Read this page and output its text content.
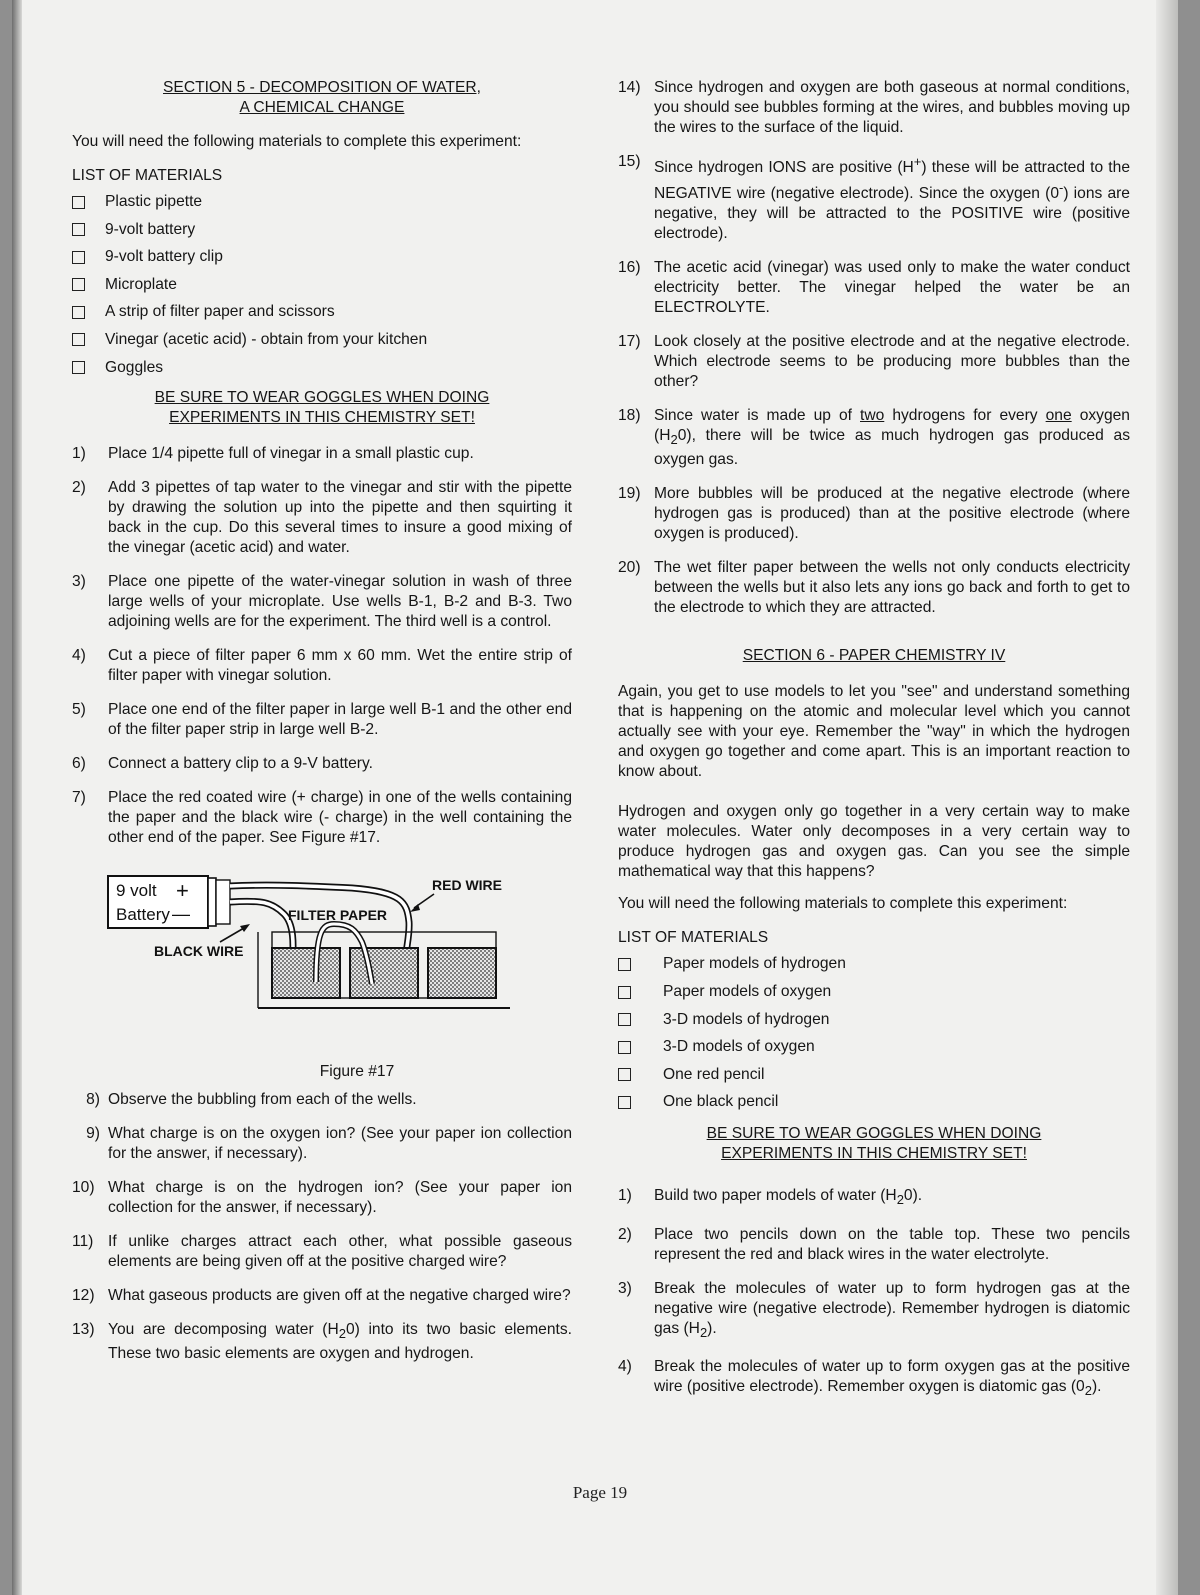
SECTION 5 - DECOMPOSITION OF WATER,
A CHEMICAL CHANGE
You will need the following materials to complete this experiment:
LIST OF MATERIALS
Plastic pipette
9-volt battery
9-volt battery clip
Microplate
A strip of filter paper and scissors
Vinegar (acetic acid) - obtain from your kitchen
Goggles
BE SURE TO WEAR GOGGLES WHEN DOING
EXPERIMENTS IN THIS CHEMISTRY SET!
1)	Place 1/4 pipette full of vinegar in a small plastic cup.
2)	Add 3 pipettes of tap water to the vinegar and stir with the pipette by drawing the solution up into the pipette and then squirting it back in the cup. Do this several times to insure a good mixing of the vinegar (acetic acid) and water.
3)	Place one pipette of the water-vinegar solution in wash of three large wells of your microplate. Use wells B-1, B-2 and B-3. Two adjoining wells are for the experiment. The third well is a control.
4)	Cut a piece of filter paper 6 mm x 60 mm. Wet the entire strip of filter paper with vinegar solution.
5)	Place one end of the filter paper in large well B-1 and the other end of the filter paper strip in large well B-2.
6)	Connect a battery clip to a 9-V battery.
7)	Place the red coated wire (+ charge) in one of the wells containing the paper and the black wire (- charge) in the well containing the other end of the paper. See Figure #17.
9 volt
Battery
+
—
RED WIRE
FILTER PAPER
BLACK WIRE
Figure #17
8) Observe the bubbling from each of the wells.
9) What charge is on the oxygen ion? (See your paper ion collection for the answer, if necessary).
10) What charge is on the hydrogen ion? (See your paper ion collection for the answer, if necessary).
11) If unlike charges attract each other, what possible gaseous elements are being given off at the positive charged wire?
12) What gaseous products are given off at the negative charged wire?
13) You are decomposing water $(H_20)$ into its two basic elements. These two basic elements are oxygen and hydrogen.
14) Since hydrogen and oxygen are both gaseous at normal conditions, you should see bubbles forming at the wires, and bubbles moving up the wires to the surface of the liquid.
15) Since hydrogen IONS are positive (H+) these will be attracted to the NEGATIVE wire (negative electrode). Since the oxygen (0-) ions are negative, they will be attracted to the POSITIVE wire (positive electrode).
16) The acetic acid (vinegar) was used only to make the water conduct electricity better. The vinegar helped the water be an ELECTROLYTE.
17) Look closely at the positive electrode and at the negative electrode. Which electrode seems to be producing more bubbles than the other?
18) Since water is made up of two hydrogens for every one oxygen $(H_20)$, there will be twice as much hydrogen gas produced as oxygen gas.
19) More bubbles will be produced at the negative electrode (where hydrogen gas is produced) than at the positive electrode (where oxygen is produced).
20) The wet filter paper between the wells not only conducts electricity between the wells but it also lets any ions go back and forth to get to the electrode to which they are attracted.
SECTION 6 - PAPER CHEMISTRY IV
Again, you get to use models to let you "see" and understand something that is happening on the atomic and molecular level which you cannot actually see with your eye. Remember the "way" in which the hydrogen and oxygen go together and come apart. This is an important reaction to know about.
Hydrogen and oxygen only go together in a very certain way to make water molecules. Water only decomposes in a very certain way to produce hydrogen gas and oxygen gas. Can you see the simple mathematical way that this happens?
You will need the following materials to complete this experiment:
LIST OF MATERIALS
Paper models of hydrogen
Paper models of oxygen
3-D models of hydrogen
3-D models of oxygen
One red pencil
One black pencil
BE SURE TO WEAR GOGGLES WHEN DOING
EXPERIMENTS IN THIS CHEMISTRY SET!
1)	Build two paper models of water $(H_20)$.
2)	Place two pencils down on the table top. These two pencils represent the red and black wires in the water electrolyte.
3)	Break the molecules of water up to form hydrogen gas at the negative wire (negative electrode). Remember hydrogen is diatomic gas $(H_2)$.
4)	Break the molecules of water up to form oxygen gas at the positive wire (positive electrode). Remember oxygen is diatomic gas $(0_2)$.
Page 19
